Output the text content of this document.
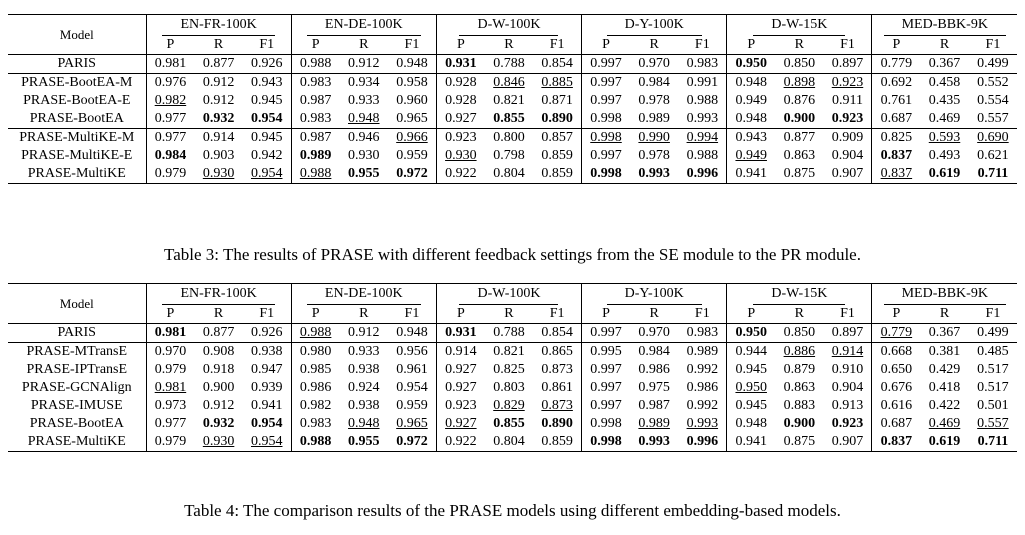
Model	EN-FR-100K			EN-DE-100K			D-W-100K			D-Y-100K			D-W-15K			MED-BBK-9K		
	P	R	F1	P	R	F1	P	R	F1	P	R	F1	P	R	F1	P	R	F1
PARIS	0.981	0.877	0.926	0.988	0.912	0.948	0.931	0.788	0.854	0.997	0.970	0.983	0.950	0.850	0.897	0.779	0.367	0.499
PRASE-BootEA-M	0.976	0.912	0.943	0.983	0.934	0.958	0.928	0.846	0.885	0.997	0.984	0.991	0.948	0.898	0.923	0.692	0.458	0.552
PRASE-BootEA-E	0.982	0.912	0.945	0.987	0.933	0.960	0.928	0.821	0.871	0.997	0.978	0.988	0.949	0.876	0.911	0.761	0.435	0.554
PRASE-BootEA	0.977	0.932	0.954	0.983	0.948	0.965	0.927	0.855	0.890	0.998	0.989	0.993	0.948	0.900	0.923	0.687	0.469	0.557
PRASE-MultiKE-M	0.977	0.914	0.945	0.987	0.946	0.966	0.923	0.800	0.857	0.998	0.990	0.994	0.943	0.877	0.909	0.825	0.593	0.690
PRASE-MultiKE-E	0.984	0.903	0.942	0.989	0.930	0.959	0.930	0.798	0.859	0.997	0.978	0.988	0.949	0.863	0.904	0.837	0.493	0.621
PRASE-MultiKE	0.979	0.930	0.954	0.988	0.955	0.972	0.922	0.804	0.859	0.998	0.993	0.996	0.941	0.875	0.907	0.837	0.619	0.711
Table 3: The results of PRASE with different feedback settings from the SE module to the PR module.
Model	EN-FR-100K			EN-DE-100K			D-W-100K			D-Y-100K			D-W-15K			MED-BBK-9K		
	P	R	F1	P	R	F1	P	R	F1	P	R	F1	P	R	F1	P	R	F1
PARIS	0.981	0.877	0.926	0.988	0.912	0.948	0.931	0.788	0.854	0.997	0.970	0.983	0.950	0.850	0.897	0.779	0.367	0.499
PRASE-MTransE	0.970	0.908	0.938	0.980	0.933	0.956	0.914	0.821	0.865	0.995	0.984	0.989	0.944	0.886	0.914	0.668	0.381	0.485
PRASE-IPTransE	0.979	0.918	0.947	0.985	0.938	0.961	0.927	0.825	0.873	0.997	0.986	0.992	0.945	0.879	0.910	0.650	0.429	0.517
PRASE-GCNAlign	0.981	0.900	0.939	0.986	0.924	0.954	0.927	0.803	0.861	0.997	0.975	0.986	0.950	0.863	0.904	0.676	0.418	0.517
PRASE-IMUSE	0.973	0.912	0.941	0.982	0.938	0.959	0.923	0.829	0.873	0.997	0.987	0.992	0.945	0.883	0.913	0.616	0.422	0.501
PRASE-BootEA	0.977	0.932	0.954	0.983	0.948	0.965	0.927	0.855	0.890	0.998	0.989	0.993	0.948	0.900	0.923	0.687	0.469	0.557
PRASE-MultiKE	0.979	0.930	0.954	0.988	0.955	0.972	0.922	0.804	0.859	0.998	0.993	0.996	0.941	0.875	0.907	0.837	0.619	0.711
Table 4: The comparison results of the PRASE models using different embedding-based models.
